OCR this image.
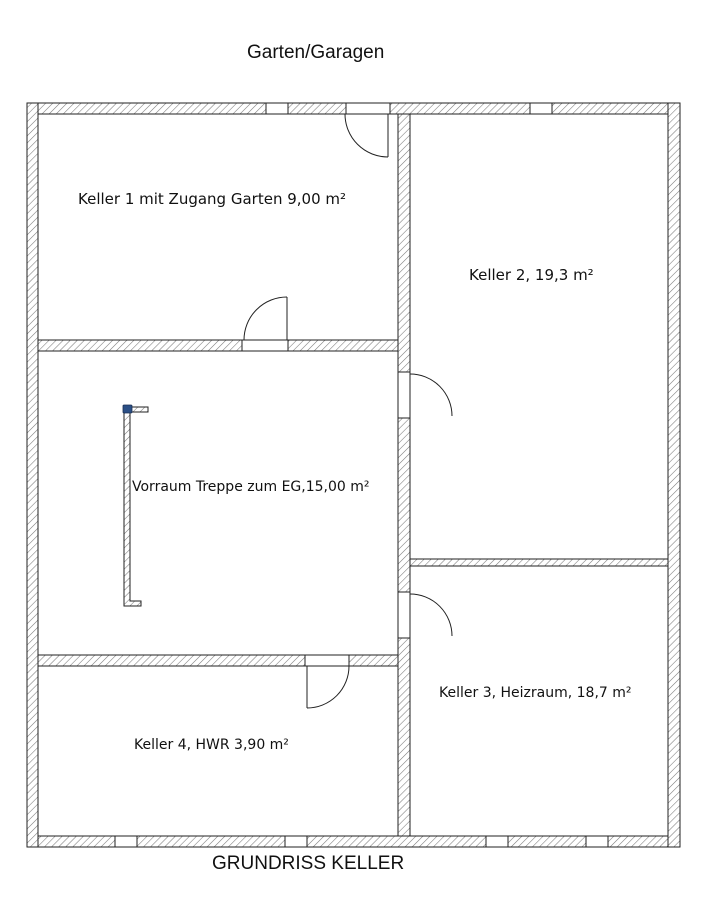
Garten/Garagen
Keller 1 mit Zugang Garten 9,00 m²
Keller 2, 19,3 m²
Vorraum Treppe zum EG,15,00 m²
Keller 3, Heizraum, 18,7 m²
Keller 4, HWR 3,90 m²
GRUNDRISS KELLER
